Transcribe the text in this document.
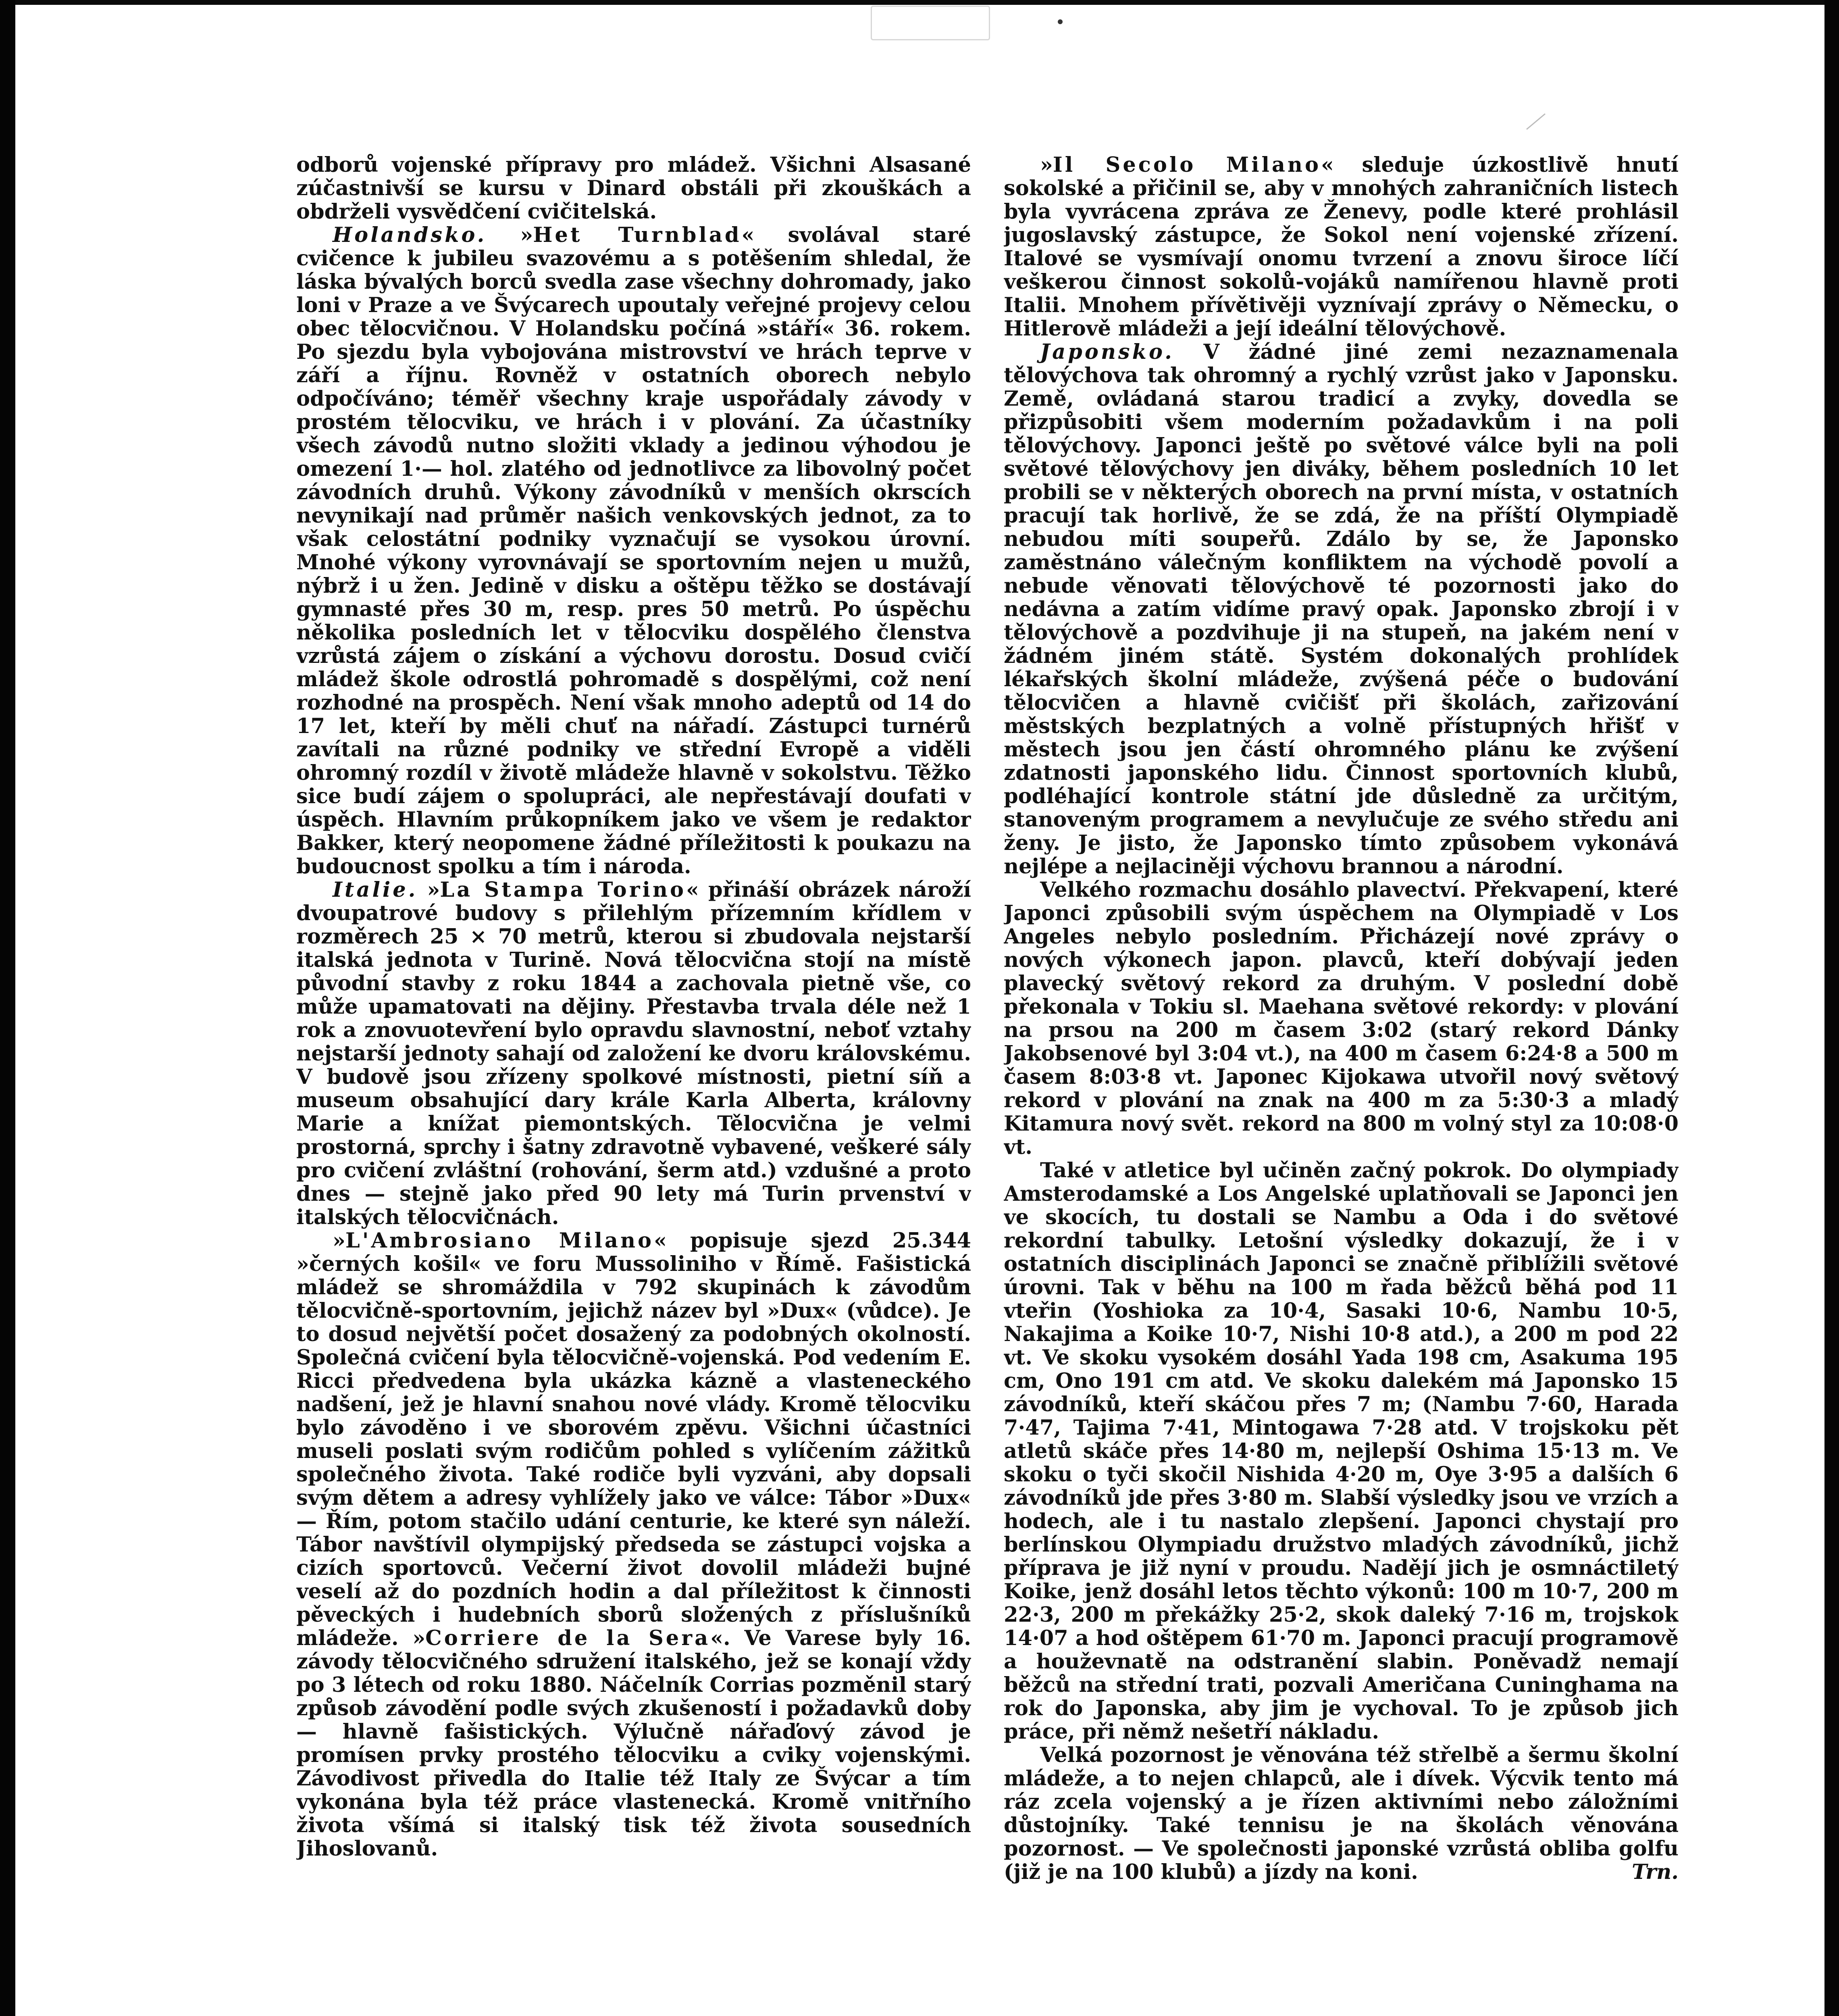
odborů vojenské přípravy pro mládež. Všichni Alsasané zúčastnivší se kursu v Dinard obstáli při zkouškách a obdrželi vysvědčení cvičitelská.

Holandsko. »Het Turnblad« svolával staré cvičence k jubileu svazovému a s potěšením shledal, že láska bývalých borců svedla zase všechny dohromady, jako loni v Praze a ve Švýcarech upoutaly veřejné projevy celou obec tělocvičnou. V Holandsku počíná »stáří« 36. rokem. Po sjezdu byla vybojována mistrovství ve hrách teprve v září a říjnu. Rovněž v ostatních oborech nebylo odpočíváno; téměř všechny kraje uspořádaly závody v prostém tělocviku, ve hrách i v plování. Za účastníky všech závodů nutno složiti vklady a jedinou výhodou je omezení 1·— hol. zlatého od jednotlivce za libovolný počet závodních druhů. Výkony závodníků v menších okrscích nevynikají nad průměr našich venkovských jednot, za to však celostátní podniky vyznačují se vysokou úrovní. Mnohé výkony vyrovnávají se sportovním nejen u mužů, nýbrž i u žen. Jedině v disku a oštěpu těžko se dostávají gymnasté přes 30 m, resp. pres 50 metrů. Po úspěchu několika posledních let v tělocviku dospělého členstva vzrůstá zájem o získání a výchovu dorostu. Dosud cvičí mládež škole odrostlá pohromadě s dospělými, což není rozhodné na prospěch. Není však mnoho adeptů od 14 do 17 let, kteří by měli chuť na nářadí. Zástupci turnérů zavítali na různé podniky ve střední Evropě a viděli ohromný rozdíl v životě mládeže hlavně v sokolstvu. Těžko sice budí zájem o spolupráci, ale nepřestávají doufati v úspěch. Hlavním průkopníkem jako ve všem je redaktor Bakker, který neopomene žádné příležitosti k poukazu na budoucnost spolku a tím i národa.

Italie. »La Stampa Torino« přináší obrázek nároží dvoupatrové budovy s přilehlým přízemním křídlem v rozměrech 25 × 70 metrů, kterou si zbudovala nejstarší italská jednota v Turině. Nová tělocvična stojí na místě původní stavby z roku 1844 a zachovala pietně vše, co může upamatovati na dějiny. Přestavba trvala déle než 1 rok a znovuotevření bylo opravdu slavnostní, neboť vztahy nejstarší jednoty sahají od založení ke dvoru královskému. V budově jsou zřízeny spolkové místnosti, pietní síň a museum obsahující dary krále Karla Alberta, královny Marie a knížat piemontských. Tělocvična je velmi prostorná, sprchy i šatny zdravotně vybavené, veškeré sály pro cvičení zvláštní (rohování, šerm atd.) vzdušné a proto dnes — stejně jako před 90 lety má Turin prvenství v italských tělocvičnách.

»L'Ambrosiano Milano« popisuje sjezd 25.344 »černých košil« ve foru Mussoliniho v Římě. Fašistická mládež se shromáždila v 792 skupinách k závodům tělocvičně-sportovním, jejichž název byl »Dux« (vůdce). Je to dosud největší počet dosažený za podobných okolností. Společná cvičení byla tělocvičně-vojenská. Pod vedením E. Ricci předvedena byla ukázka kázně a vlasteneckého nadšení, jež je hlavní snahou nové vlády. Kromě tělocviku bylo závoděno i ve sborovém zpěvu. Všichni účastníci museli poslati svým rodičům pohled s vylíčením zážitků společného života. Také rodiče byli vyzváni, aby dopsali svým dětem a adresy vyhlížely jako ve válce: Tábor »Dux« — Řím, potom stačilo udání centurie, ke které syn náleží. Tábor navštívil olympijský předseda se zástupci vojska a cizích sportovců. Večerní život dovolil mládeži bujné veselí až do pozdních hodin a dal příležitost k činnosti pěveckých i hudebních sborů složených z příslušníků mládeže. »Corriere de la Sera«. Ve Varese byly 16. závody tělocvičného sdružení italského, jež se konají vždy po 3 létech od roku 1880. Náčelník Corrias pozměnil starý způsob závodění podle svých zkušeností i požadavků doby — hlavně fašistických. Výlučně nářaďový závod je promísen prvky prostého tělocviku a cviky vojenskými. Závodivost přivedla do Italie též Italy ze Švýcar a tím vykonána byla též práce vlastenecká. Kromě vnitřního života všímá si italský tisk též života sousedních Jihoslovanů.

»Il Secolo Milano« sleduje úzkostlivě hnutí sokolské a přičinil se, aby v mnohých zahraničních listech byla vyvrácena zpráva ze Ženevy, podle které prohlásil jugoslavský zástupce, že Sokol není vojenské zřízení. Italové se vysmívají onomu tvrzení a znovu široce líčí veškerou činnost sokolů-vojáků namířenou hlavně proti Italii. Mnohem přívětivěji vyznívají zprávy o Německu, o Hitlerově mládeži a její ideální tělovýchově.

Japonsko. V žádné jiné zemi nezaznamenala tělovýchova tak ohromný a rychlý vzrůst jako v Japonsku. Země, ovládaná starou tradicí a zvyky, dovedla se přizpůsobiti všem moderním požadavkům i na poli tělovýchovy. Japonci ještě po světové válce byli na poli světové tělovýchovy jen diváky, během posledních 10 let probili se v některých oborech na první místa, v ostatních pracují tak horlivě, že se zdá, že na příští Olympiadě nebudou míti soupeřů. Zdálo by se, že Japonsko zaměstnáno válečným konfliktem na východě povolí a nebude věnovati tělovýchově té pozornosti jako do nedávna a zatím vidíme pravý opak. Japonsko zbrojí i v tělovýchově a pozdvihuje ji na stupeň, na jakém není v žádném jiném státě. Systém dokonalých prohlídek lékařských školní mládeže, zvýšená péče o budování tělocvičen a hlavně cvičišť při školách, zařizování městských bezplatných a volně přístupných hřišť v městech jsou jen částí ohromného plánu ke zvýšení zdatnosti japonského lidu. Činnost sportovních klubů, podléhající kontrole státní jde důsledně za určitým, stanoveným programem a nevylučuje ze svého středu ani ženy. Je jisto, že Japonsko tímto způsobem vykonává nejlépe a nejlaciněji výchovu brannou a národní.

Velkého rozmachu dosáhlo plavectví. Překvapení, které Japonci způsobili svým úspěchem na Olympiadě v Los Angeles nebylo posledním. Přicházejí nové zprávy o nových výkonech japon. plavců, kteří dobývají jeden plavecký světový rekord za druhým. V poslední době překonala v Tokiu sl. Maehana světové rekordy: v plování na prsou na 200 m časem 3:02 (starý rekord Dánky Jakobsenové byl 3:04 vt.), na 400 m časem 6:24·8 a 500 m časem 8:03·8 vt. Japonec Kijokawa utvořil nový světový rekord v plování na znak na 400 m za 5:30·3 a mladý Kitamura nový svět. rekord na 800 m volný styl za 10:08·0 vt.

Také v atletice byl učiněn začný pokrok. Do olympiady Amsterodamské a Los Angelské uplatňovali se Japonci jen ve skocích, tu dostali se Nambu a Oda i do světové rekordní tabulky. Letošní výsledky dokazují, že i v ostatních disciplinách Japonci se značně přiblížili světové úrovni. Tak v běhu na 100 m řada běžců běhá pod 11 vteřin (Yoshioka za 10·4, Sasaki 10·6, Nambu 10·5, Nakajima a Koike 10·7, Nishi 10·8 atd.), a 200 m pod 22 vt. Ve skoku vysokém dosáhl Yada 198 cm, Asakuma 195 cm, Ono 191 cm atd. Ve skoku dalekém má Japonsko 15 závodníků, kteří skáčou přes 7 m; (Nambu 7·60, Harada 7·47, Tajima 7·41, Mintogawa 7·28 atd. V trojskoku pět atletů skáče přes 14·80 m, nejlepší Oshima 15·13 m. Ve skoku o tyči skočil Nishida 4·20 m, Oye 3·95 a dalších 6 závodníků jde přes 3·80 m. Slabší výsledky jsou ve vrzích a hodech, ale i tu nastalo zlepšení. Japonci chystají pro berlínskou Olympiadu družstvo mladých závodníků, jichž příprava je již nyní v proudu. Nadějí jich je osmnáctiletý Koike, jenž dosáhl letos těchto výkonů: 100 m 10·7, 200 m 22·3, 200 m překážky 25·2, skok daleký 7·16 m, trojskok 14·07 a hod oštěpem 61·70 m. Japonci pracují programově a houževnatě na odstranění slabin. Poněvadž nemají běžců na střední trati, pozvali Američana Cuninghama na rok do Japonska, aby jim je vychoval. To je způsob jich práce, při němž nešetří nákladu.

Velká pozornost je věnována též střelbě a šermu školní mládeže, a to nejen chlapců, ale i dívek. Výcvik tento má ráz zcela vojenský a je řízen aktivními nebo záložními důstojníky. Také tennisu je na školách věnována pozornost. — Ve společnosti japonské vzrůstá obliba golfu (již je na 100 klubů) a jízdy na koni.	Trn.
